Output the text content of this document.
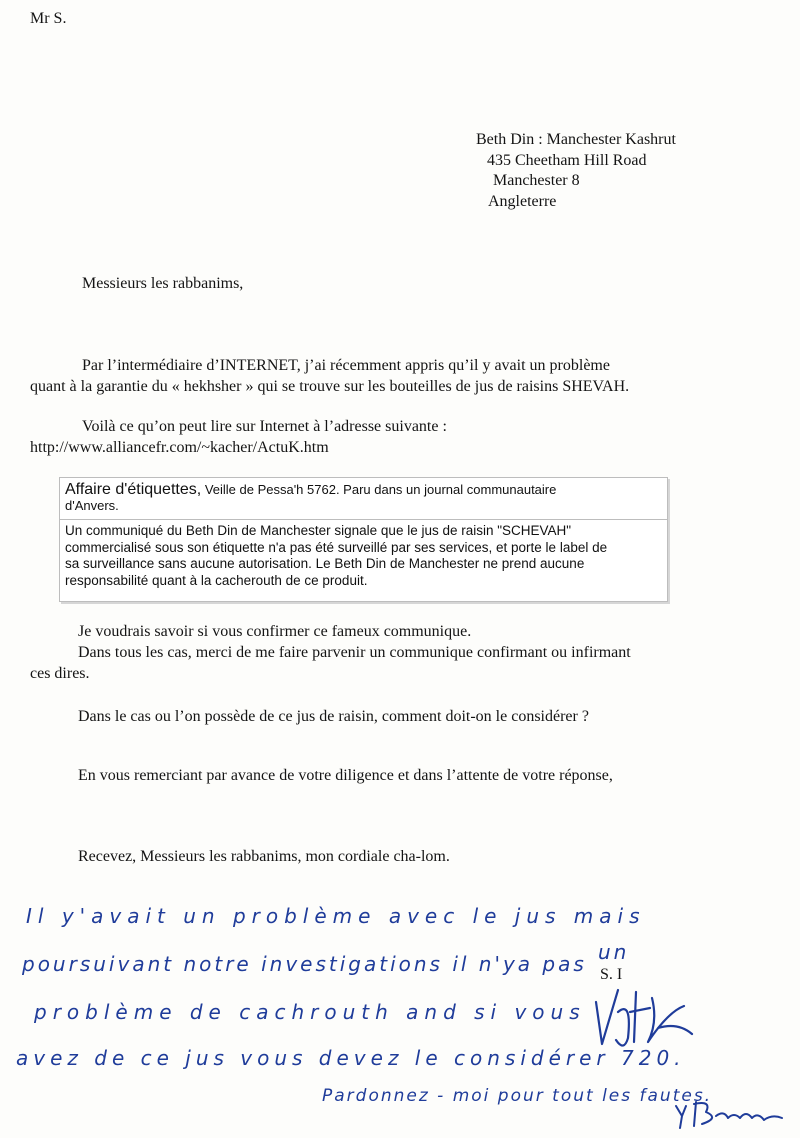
Mr S.
Beth Din : Manchester Kashrut
435 Cheetham Hill Road
Manchester 8
Angleterre
Messieurs les rabbanims,
Par l’intermédiaire d’INTERNET, j’ai récemment appris qu’il y avait un problème
quant à la garantie du « hekhsher » qui se trouve sur les bouteilles de jus de raisins SHEVAH.
Voilà ce qu’on peut lire sur Internet à l’adresse suivante :
http://www.alliancefr.com/~kacher/ActuK.htm
Affaire d'étiquettes, Veille de Pessa'h 5762. Paru dans un journal communautaire
d'Anvers.
Un communiqué du Beth Din de Manchester signale que le jus de raisin "SCHEVAH"
commercialisé sous son étiquette n'a pas été surveillé par ses services, et porte le label de
sa surveillance sans aucune autorisation. Le Beth Din de Manchester ne prend aucune
responsabilité quant à la cacherouth de ce produit.
Je voudrais savoir si vous confirmer ce fameux communique.
Dans tous les cas, merci de me faire parvenir un communique confirmant ou infirmant
ces dires.
Dans le cas ou l’on possède de ce jus de raisin, comment doit-on le considérer ?
En vous remerciant par avance de votre diligence et dans l’attente de votre réponse,
Recevez, Messieurs les rabbanims, mon cordiale cha-lom.
S. I
Il y'avait un problème avec le jus mais
un
poursuivant notre investigations il n'ya pas
problème de cachrouth and si vous
avez de ce jus vous devez le considérer 720.
Pardonnez - moi pour tout les fautes.
